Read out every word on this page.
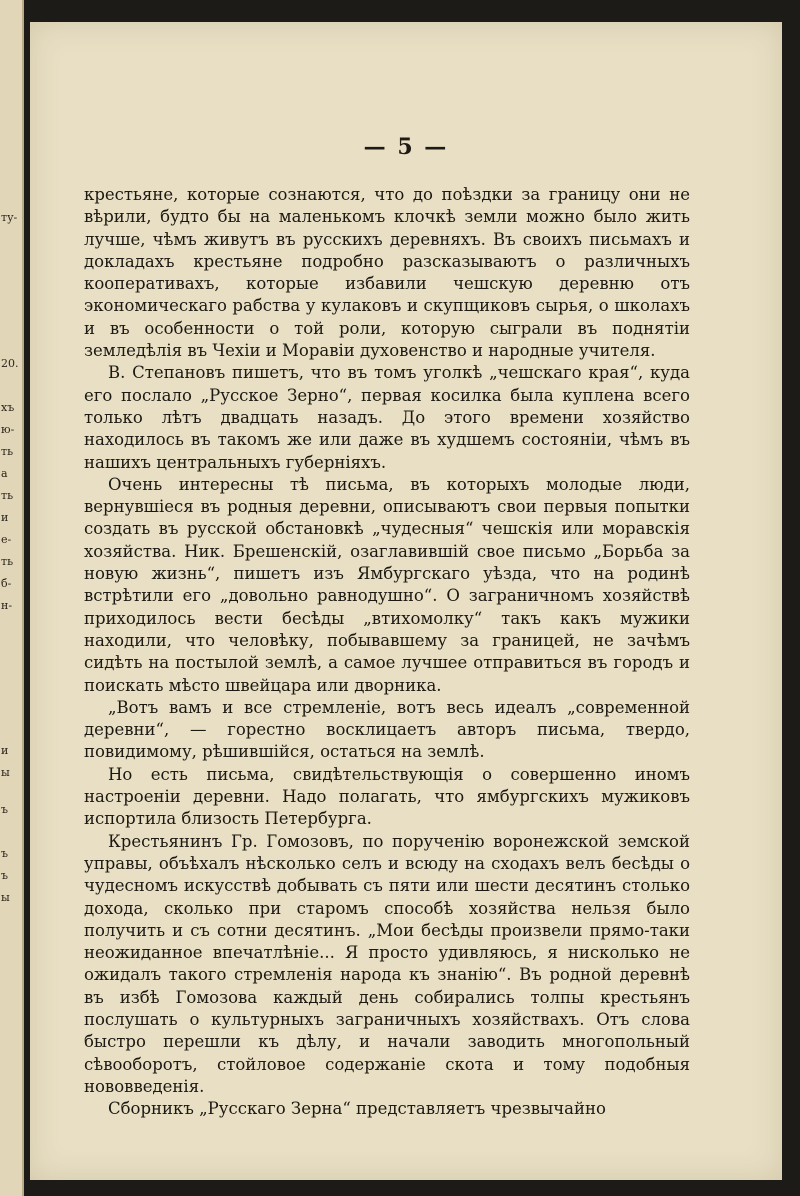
ту-
20.
хъ
ю-
ть
а
ть
и
е-
ть
б-
н-
и
ы
ъ
ъ
ъ
ы
— 5 —

крестьяне, которые сознаются, что до поѣздки за границу они не вѣрили, будто бы на маленькомъ клочкѣ земли можно было жить лучше, чѣмъ живутъ въ русскихъ деревняхъ. Въ своихъ письмахъ и докладахъ крестьяне подробно разсказываютъ о различныхъ кооперативахъ, которые избавили чешскую деревню отъ экономическаго рабства у кулаковъ и скупщиковъ сырья, о школахъ и въ особенности о той роли, которую сыграли въ поднятіи земледѣлія въ Чехіи и Моравіи духовенство и народные учителя.

В. Степановъ пишетъ, что въ томъ уголкѣ „чешскаго края“, куда его послало „Русское Зерно“, первая косилка была куплена всего только лѣтъ двадцать назадъ. До этого времени хозяйство находилось въ такомъ же или даже въ худшемъ состояніи, чѣмъ въ нашихъ центральныхъ губерніяхъ.

Очень интересны тѣ письма, въ которыхъ молодые люди, вернувшіеся въ родныя деревни, описываютъ свои первыя попытки создать въ русской обстановкѣ „чудесныя“ чешскія или моравскія хозяйства. Ник. Брешенскій, озаглавившій свое письмо „Борьба за новую жизнь“, пишетъ изъ Ямбургскаго уѣзда, что на родинѣ встрѣтили его „довольно равнодушно“. О заграничномъ хозяйствѣ приходилось вести бесѣды „втихомолку“ такъ какъ мужики находили, что человѣку, побывавшему за границей, не зачѣмъ сидѣть на постылой землѣ, а самое лучшее отправиться въ городъ и поискать мѣсто швейцара или дворника.

„Вотъ вамъ и все стремленіе, вотъ весь идеалъ „современной деревни“, — горестно восклицаетъ авторъ письма, твердо, повидимому, рѣшившійся, остаться на землѣ.

Но есть письма, свидѣтельствующія о совершенно иномъ настроеніи деревни. Надо полагать, что ямбургскихъ мужиковъ испортила близость Петербурга.

Крестьянинъ Гр. Гомозовъ, по порученію воронежской земской управы, объѣхалъ нѣсколько селъ и всюду на сходахъ велъ бесѣды о чудесномъ искусствѣ добывать съ пяти или шести десятинъ столько дохода, сколько при старомъ способѣ хозяйства нельзя было получить и съ сотни десятинъ. „Мои бесѣды произвели прямо-таки неожиданное впечатлѣніе... Я просто удивляюсь, я нисколько не ожидалъ такого стремленія народа къ знанію“. Въ родной деревнѣ въ избѣ Гомозова каждый день собирались толпы крестьянъ послушать о культурныхъ заграничныхъ хозяйствахъ. Отъ слова быстро перешли къ дѣлу, и начали заводить многопольный сѣвооборотъ, стойловое содержаніе скота и тому подобныя нововведенія.

Сборникъ „Русскаго Зерна“ представляетъ чрезвычайно
